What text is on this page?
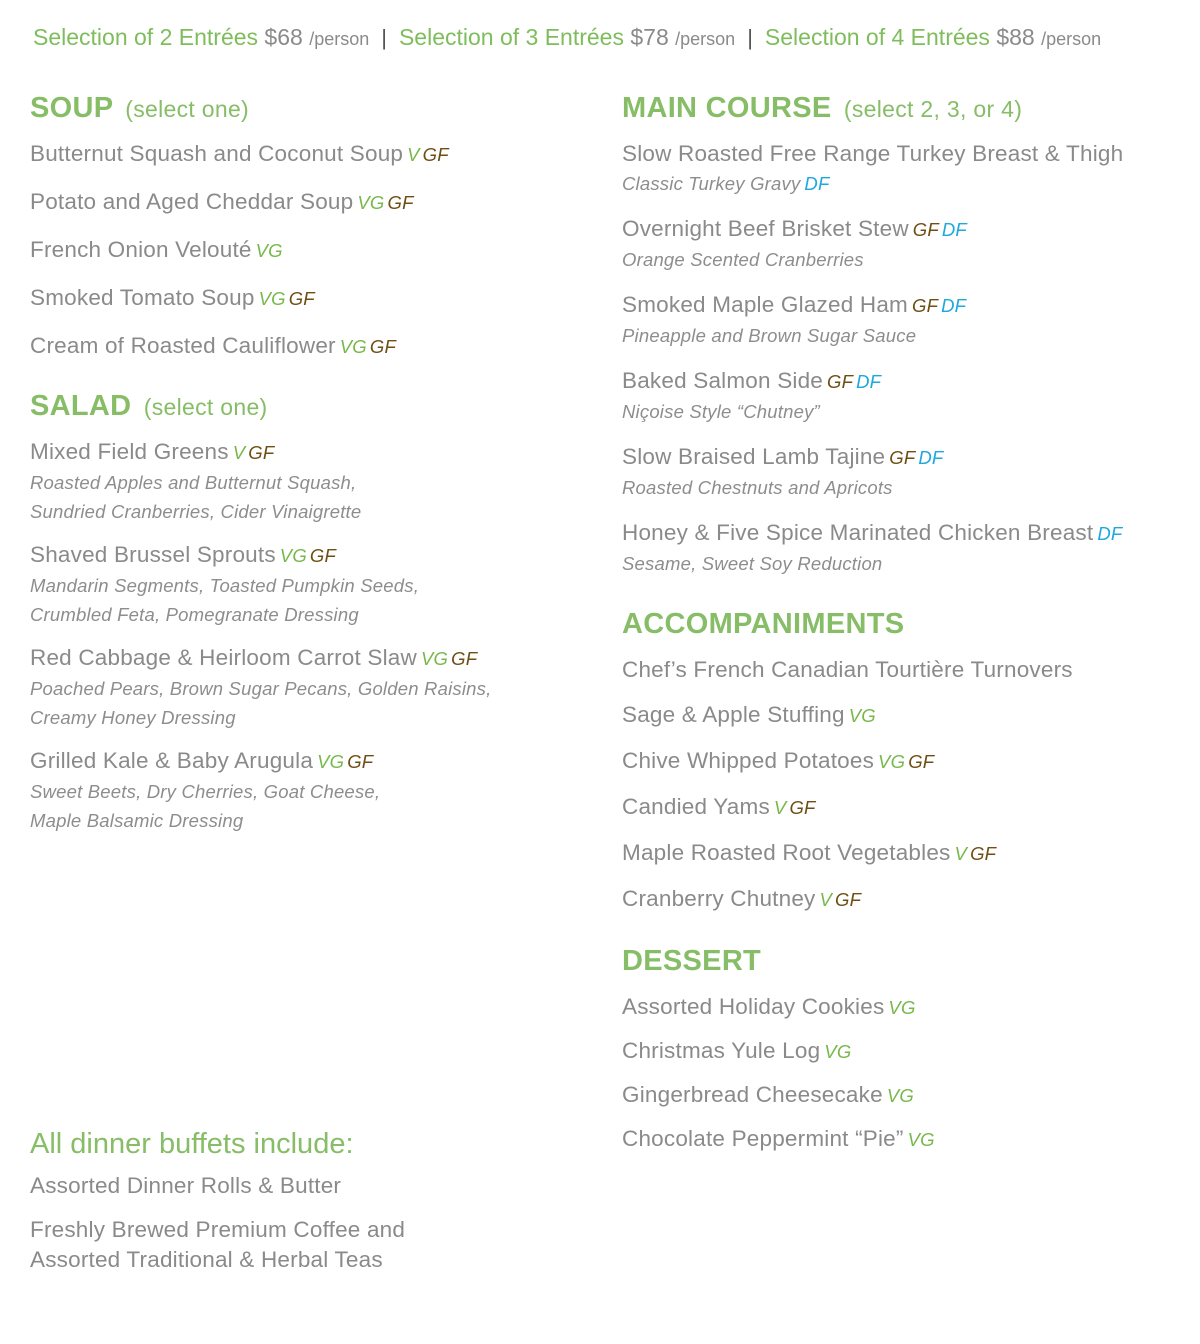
Selection of 2 Entrées $68 /person | Selection of 3 Entrées $78 /person | Selection of 4 Entrées $88 /person
SOUP (select one)
Butternut Squash and Coconut Soup V GF
Potato and Aged Cheddar Soup VG GF
French Onion Velouté VG
Smoked Tomato Soup VG GF
Cream of Roasted Cauliflower VG GF
SALAD (select one)
Mixed Field Greens V GF
Roasted Apples and Butternut Squash,
Sundried Cranberries, Cider Vinaigrette
Shaved Brussel Sprouts VG GF
Mandarin Segments, Toasted Pumpkin Seeds,
Crumbled Feta, Pomegranate Dressing
Red Cabbage & Heirloom Carrot Slaw VG GF
Poached Pears, Brown Sugar Pecans, Golden Raisins,
Creamy Honey Dressing
Grilled Kale & Baby Arugula VG GF
Sweet Beets, Dry Cherries, Goat Cheese,
Maple Balsamic Dressing
MAIN COURSE (select 2, 3, or 4)
Slow Roasted Free Range Turkey Breast & Thigh
Classic Turkey Gravy DF
Overnight Beef Brisket Stew GF DF
Orange Scented Cranberries
Smoked Maple Glazed Ham GF DF
Pineapple and Brown Sugar Sauce
Baked Salmon Side GF DF
Niçoise Style “Chutney”
Slow Braised Lamb Tajine GF DF
Roasted Chestnuts and Apricots
Honey & Five Spice Marinated Chicken Breast DF
Sesame, Sweet Soy Reduction
ACCOMPANIMENTS
Chef’s French Canadian Tourtière Turnovers
Sage & Apple Stuffing VG
Chive Whipped Potatoes VG GF
Candied Yams V GF
Maple Roasted Root Vegetables V GF
Cranberry Chutney V GF
DESSERT
Assorted Holiday Cookies VG
Christmas Yule Log VG
Gingerbread Cheesecake VG
Chocolate Peppermint “Pie” VG
All dinner buffets include:
Assorted Dinner Rolls & Butter
Freshly Brewed Premium Coffee and
Assorted Traditional & Herbal Teas
